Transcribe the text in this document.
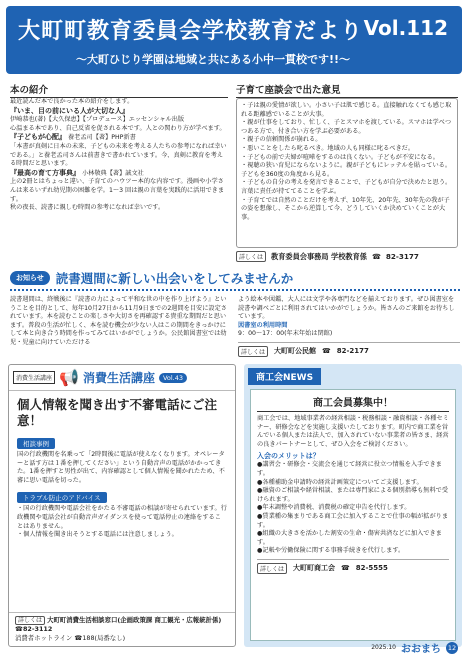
大町町教育委員会学校教育だより Vol.112
～大町ひじり学園は地域と共にある小中一貫校です!!～
本の紹介
最近読んだ本で良かった本の紹介をします。
『いま、目の前にいる人が大切な人』
伊崎恭也(著)【大久保恵】【プロデュース】エッセンシャル出版
心温まる本であり、自己反省を促される本です。人との関わり方が学べます。
『子どもが心配』 養老孟司【著】PHP新書
「本書が真剣に日本の未来、子どもの未来を考える人たちの参考になれば幸いである。」と養老孟司さんは前書きで書かれています。今、真剣に教育を考える時間だと思います。
『最高の育て方事典』 小林敬典【著】誠文社
上の2冊とはちょっと違い、子育てのハウツー本的な内容です。漫画や小学さんは来るいずれ幼児期の困難を学。1〜3 回は親の言葉を実践的に活用できます。
秋の夜長、読書に親しむ時間の参考になれば幸いです。
子育て座談会で出た意見
・子は親の愛情が欲しい。小さい子は肌で感じる。直接触れなくても感じ取れる距離感でいることが大事。
・親が仕事をしており、忙しく、子とスマホを渡している。スマホは学べつつある方で、付き合い方を学ぶ必要がある。
・親子の信頼関係が崩れる。
・悪いことをしたら叱るべき。地域の人も同様に叱るべきだ。
・子どもの前で夫婦が喧嘩をするのは良くない。子どもが不安になる。
・視聴の狭い育児にならないように。親が子どもにレッテルを貼っている。子どもを360度の角度から見る。
・子どもの自分の考えを発言できることで、子どもが自分で決めたと思う。言葉に責任が持ててることを学ぶ。
・子育てでは自然のことだけを考えず、10年先、20年先、30年先の我が子の姿を想像し、そこから逆算して今、どうしていくか決めていくことが大事。
詳しくは	教育委員会事務局 学校教育係 ☎ 82-3177
お知らせ 読書週間に新しい出会いをしてみませんか
読書週間は、終戦後に『読書の力によって平和な世の中を作り上げよう』ということを目的として、毎年10月27日から11月9日までの2週間を目安に設定されています。本を読むことの楽しさや大切さを再確認する貴重な期間だと思います。普段の生活が忙しく、本を読む機会が少ない人はこの期間をきっかけにして本と向き合う時間を作ってみてはいかがでしょうか。公民館図書室では幼児・児童に向けていただける
よう絵本や図鑑、大人には文学や各専門などを揃えております。ぜひ図書室を読書や調べごとに利用されてはいかがでしょうか。皆さんのご来館をお待ちしています。
図書室の利用時間
9：00〜17：00(年末年始は閉館)
詳しくは	大町町公民館 ☎ 82-2177
消費生活講座 📢 消費生活講座	Vol.43
個人情報を聞き出す不審電話にご注意！
相談事例
国の行政機関を名乗って「2時間後に電話が使えなくなります。オペレーターと話す方は１番を押してください」という自動音声の電話がかかってきた。1番を押すと男性が出て、内容確認として個人情報を聞かれたため、不審に思い電話を切った。
トラブル防止のアドバイス
・国の行政機関や電話会社をかたる不審電話の相談が寄せられています。行政機関や電話会社が自動音声ガイダンスを使って電話停止の連絡をすることはありません。
・個人情報を聞き出そうとする電話には注意しましょう。
詳しくは 大町町消費生活相談窓口(企画政策課 商工観光・広報統計係) ☎82-3112
消費者ホットライン ☎188(局番なし)
商工会NEWS
商工会員募集中！
商工会では、地域事業者の経営相談・税務相談・融資相談・各種セミナー、研修会などを実施し支援いたしております。町内で商工業を営んでいる個人または法人で、加入されていない事業者の皆さま、経営の良きパートナーとして、ぜひ入会をご検討ください。
入会のメリットは？
●講習会・研修会・交流会を通じて経営に役立つ情報を入手できます。
●各種補助金申請時の経営計画策定についてご支援します。
●融資のご相談や経営相談、または専門家による個別指導も無料で受けられます。
●年末調整や消費税、消費税の確定申告を代行します。
●賃業種の集まりである商工会に加入することで仕事の幅が拡がります。
●組織の大きさを活かした割安の生命・傷害共済などに加入できます。
●記帳や労働保険に関する事務手続きを代行します。
詳しくは	大町町商工会 ☎ 82-5555
2025.10 おおまち 12
